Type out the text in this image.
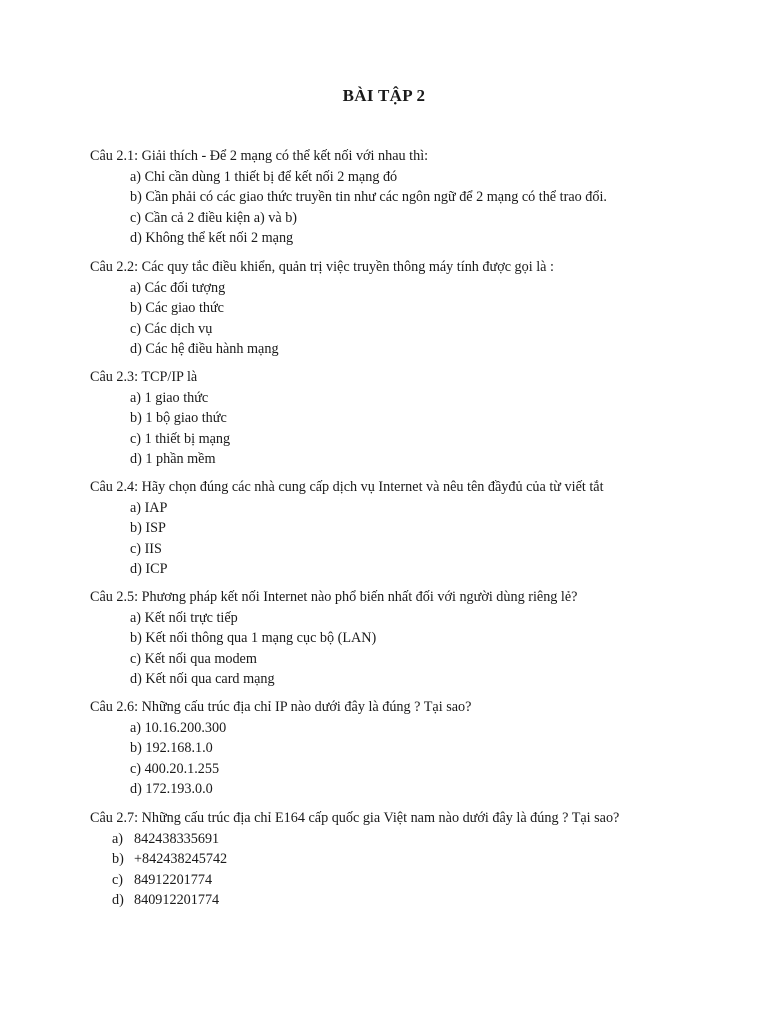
BÀI TẬP 2
Câu 2.1: Giải thích - Để 2 mạng có thể kết nối với nhau thì:
a) Chỉ cần dùng 1 thiết bị để kết nối 2 mạng đó
b) Cần phải có các giao thức truyền tin như các ngôn ngữ để 2 mạng có thể trao đổi.
c) Cần cả 2 điều kiện a) và b)
d) Không thể kết nối 2 mạng
Câu 2.2: Các quy tắc điều khiển, quản trị việc truyền thông máy tính được gọi là :
a) Các đối tượng
b) Các giao thức
c) Các dịch vụ
d) Các hệ điều hành mạng
Câu 2.3: TCP/IP là
a) 1 giao thức
b) 1 bộ giao thức
c) 1 thiết bị mạng
d) 1 phần mềm
Câu 2.4: Hãy chọn đúng các nhà cung cấp dịch vụ Internet và nêu tên đầyđủ của từ viết tắt
a) IAP
b) ISP
c) IIS
d) ICP
Câu 2.5: Phương pháp kết nối Internet nào phổ biến nhất đối với người dùng riêng lẻ?
a) Kết nối trực tiếp
b) Kết nối thông qua 1 mạng cục bộ (LAN)
c) Kết nối qua modem
d) Kết nối qua card mạng
Câu 2.6: Những cấu trúc địa chỉ IP nào dưới đây là đúng ? Tại sao?
a) 10.16.200.300
b) 192.168.1.0
c) 400.20.1.255
d) 172.193.0.0
Câu 2.7: Những cấu trúc địa chỉ E164 cấp quốc gia Việt nam nào dưới đây là đúng ? Tại sao?
a) 842438335691
b) +842438245742
c) 84912201774
d) 840912201774
